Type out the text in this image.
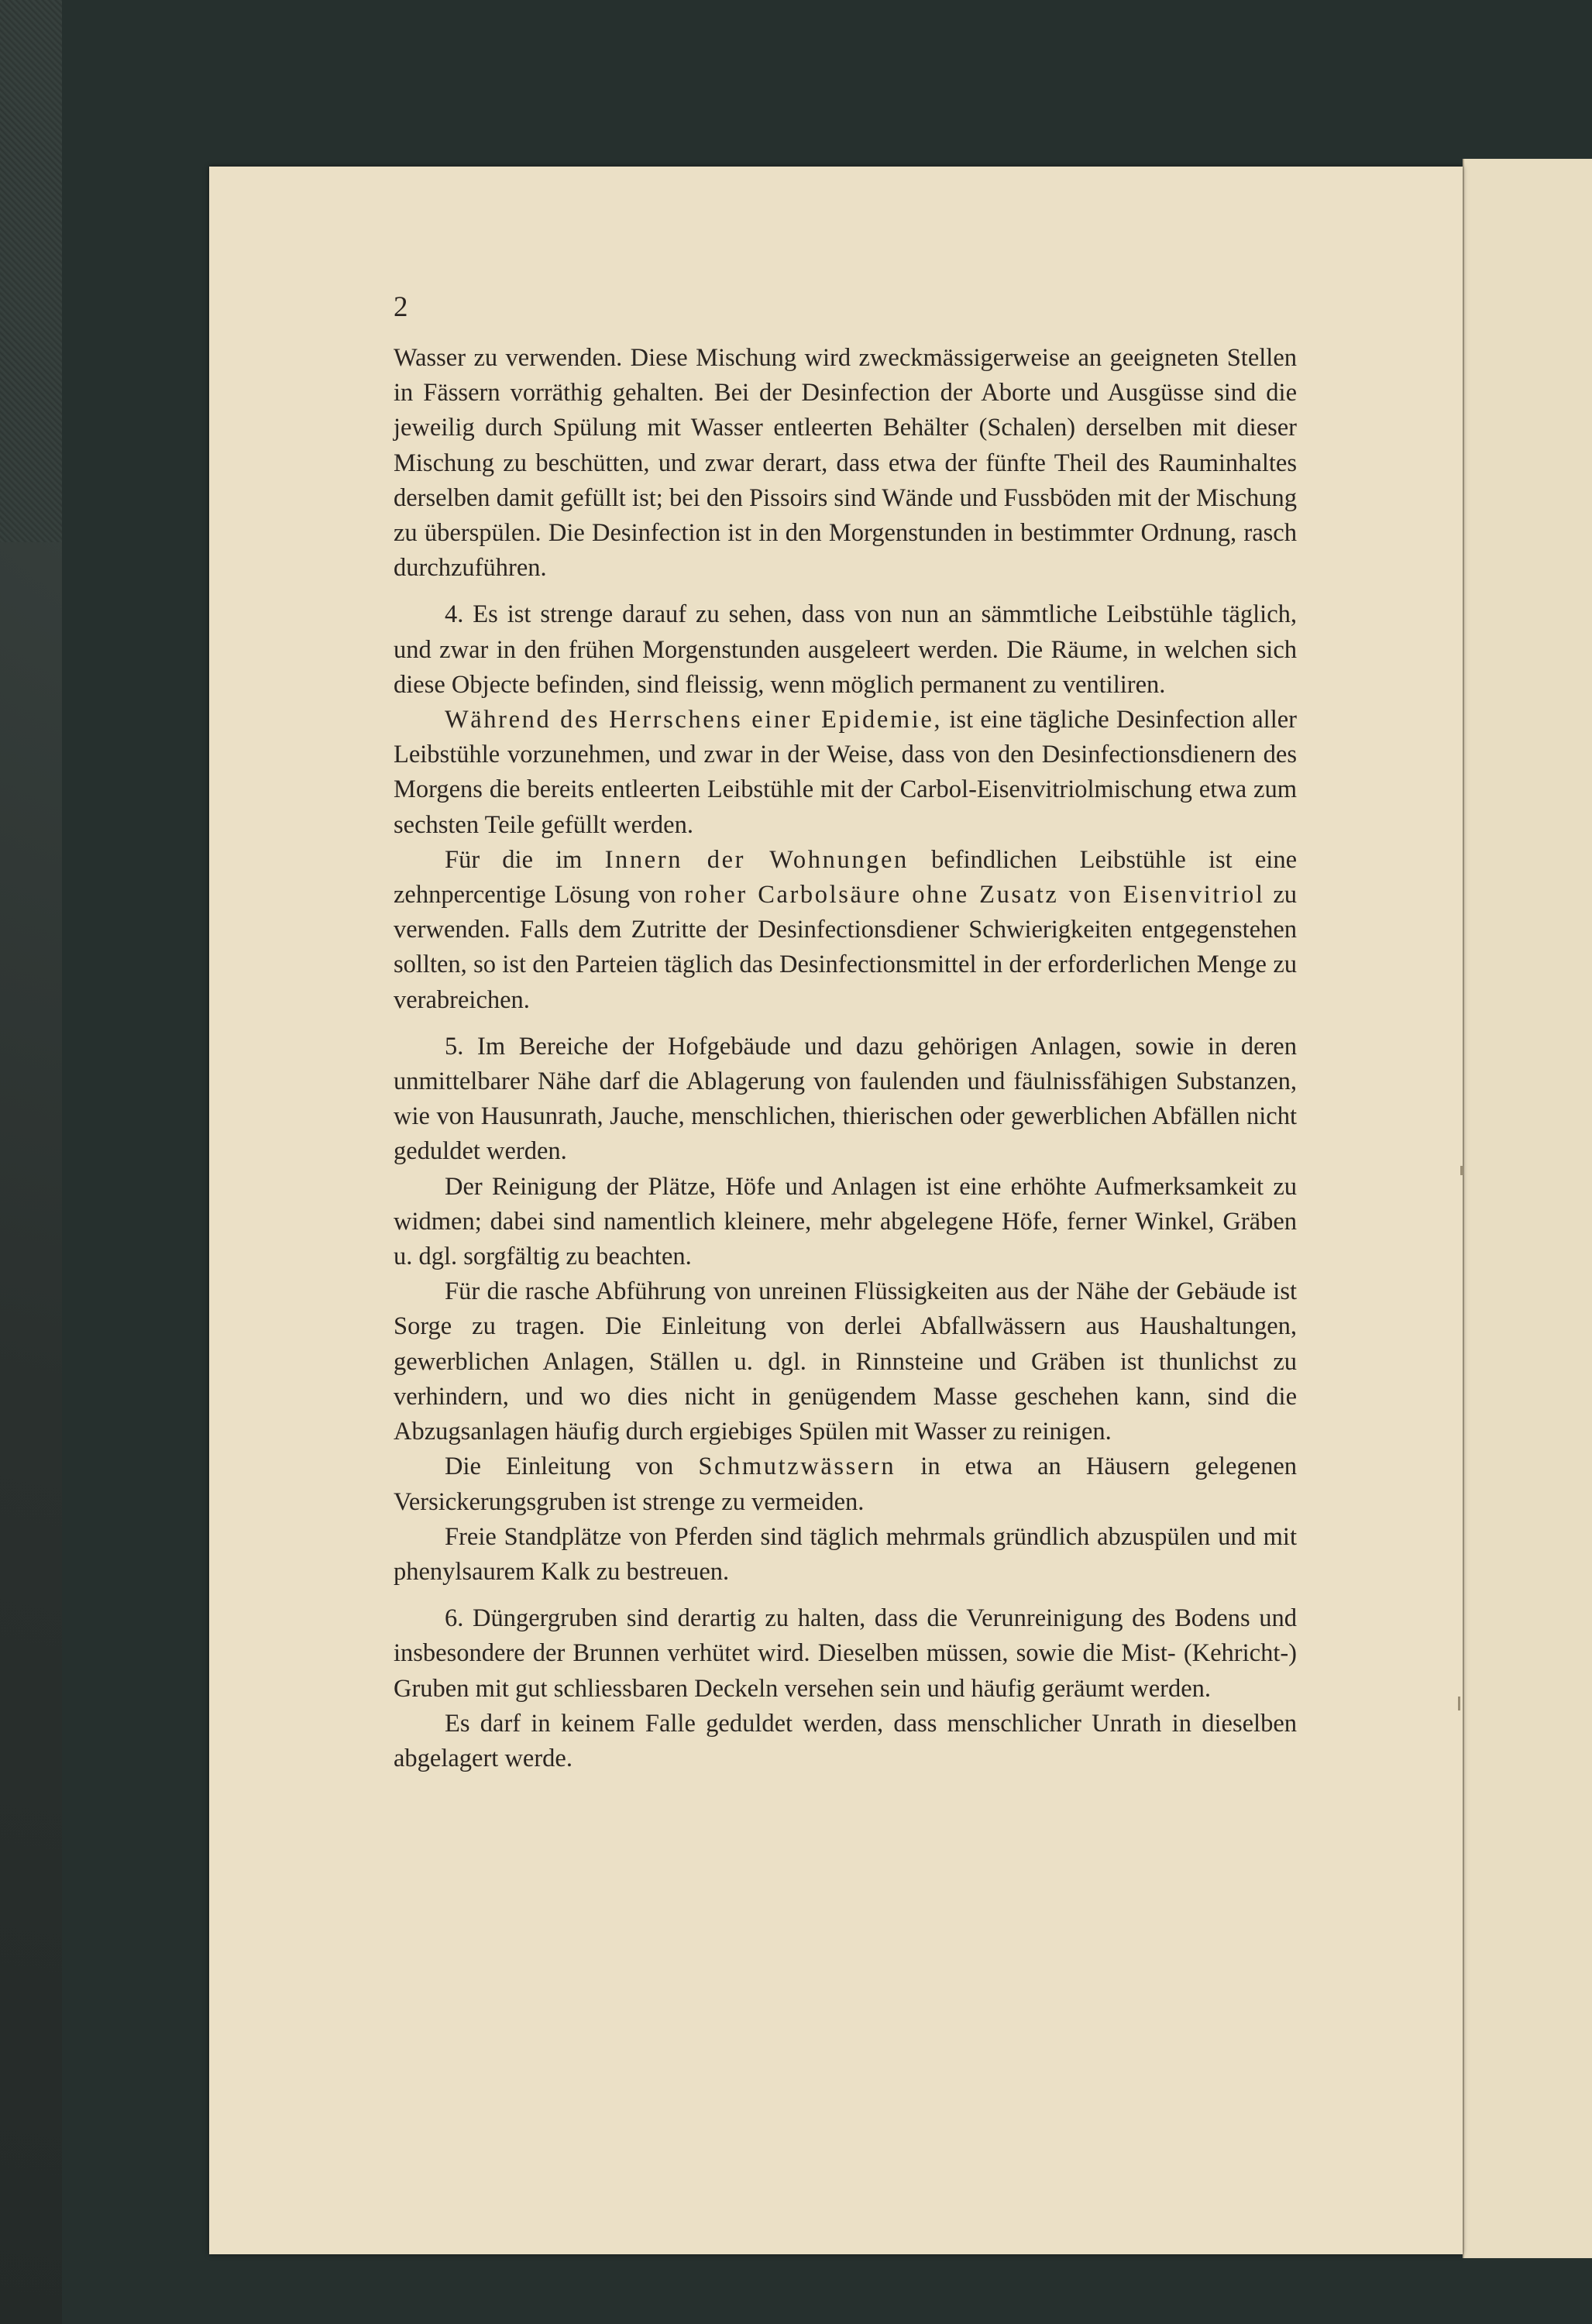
2

Wasser zu verwenden. Diese Mischung wird zweckmässigerweise an geeigneten Stellen in Fässern vorräthig gehalten. Bei der Desinfection der Aborte und Ausgüsse sind die jeweilig durch Spülung mit Wasser entleerten Behälter (Schalen) derselben mit dieser Mischung zu beschütten, und zwar derart, dass etwa der fünfte Theil des Rauminhaltes derselben damit gefüllt ist; bei den Pissoirs sind Wände und Fussböden mit der Mischung zu überspülen. Die Desinfection ist in den Morgenstunden in bestimmter Ordnung, rasch durchzuführen.

4. Es ist strenge darauf zu sehen, dass von nun an sämmtliche Leibstühle täglich, und zwar in den frühen Morgenstunden ausgeleert werden. Die Räume, in welchen sich diese Objecte befinden, sind fleissig, wenn möglich permanent zu ventiliren.

Während des Herrschens einer Epidemie, ist eine tägliche Desinfection aller Leibstühle vorzunehmen, und zwar in der Weise, dass von den Desinfectionsdienern des Morgens die bereits entleerten Leibstühle mit der Carbol-Eisenvitriolmischung etwa zum sechsten Teile gefüllt werden.

Für die im Innern der Wohnungen befindlichen Leibstühle ist eine zehnpercentige Lösung von roher Carbolsäure ohne Zusatz von Eisenvitriol zu verwenden. Falls dem Zutritte der Desinfectionsdiener Schwierigkeiten entgegenstehen sollten, so ist den Parteien täglich das Desinfectionsmittel in der erforderlichen Menge zu verabreichen.

5. Im Bereiche der Hofgebäude und dazu gehörigen Anlagen, sowie in deren unmittelbarer Nähe darf die Ablagerung von faulenden und fäulnissfähigen Substanzen, wie von Hausunrath, Jauche, menschlichen, thierischen oder gewerblichen Abfällen nicht geduldet werden.

Der Reinigung der Plätze, Höfe und Anlagen ist eine erhöhte Aufmerksamkeit zu widmen; dabei sind namentlich kleinere, mehr abgelegene Höfe, ferner Winkel, Gräben u. dgl. sorgfältig zu beachten.

Für die rasche Abführung von unreinen Flüssigkeiten aus der Nähe der Gebäude ist Sorge zu tragen. Die Einleitung von derlei Abfallwässern aus Haushaltungen, gewerblichen Anlagen, Ställen u. dgl. in Rinnsteine und Gräben ist thunlichst zu verhindern, und wo dies nicht in genügendem Masse geschehen kann, sind die Abzugsanlagen häufig durch ergiebiges Spülen mit Wasser zu reinigen.

Die Einleitung von Schmutzwässern in etwa an Häusern gelegenen Versickerungsgruben ist strenge zu vermeiden.

Freie Standplätze von Pferden sind täglich mehrmals gründlich abzuspülen und mit phenylsaurem Kalk zu bestreuen.

6. Düngergruben sind derartig zu halten, dass die Verunreinigung des Bodens und insbesondere der Brunnen verhütet wird. Dieselben müssen, sowie die Mist- (Kehricht-) Gruben mit gut schliessbaren Deckeln versehen sein und häufig geräumt werden.

Es darf in keinem Falle geduldet werden, dass menschlicher Unrath in dieselben abgelagert werde.
